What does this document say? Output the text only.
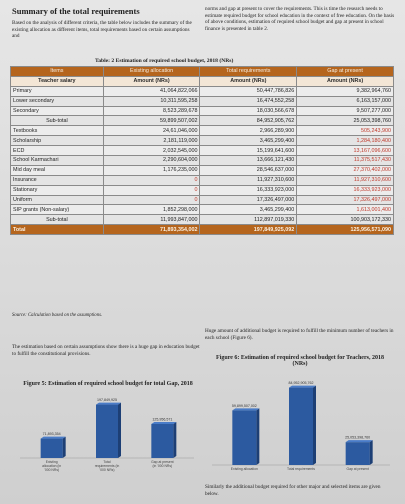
Summary of the total requirements
Based on the analysis of different criteria, the table below includes the summary of the existing allocation as different items, total requirements based on certain assumptions and
norms and gap at present to cover the requirements. This is time the research needs to estimate required budget for school education in the context of free education. On the basis of above conditions, estimation of required school budget and gap at present in school finance is presented in table 2.
Table: 2 Estimation of required school budget, 2018 (NRs)
Items	Existing allocation	Total requirements	Gap at present
Teacher salary	Amount (NRs)	Amount (NRs)	Amount (NRs)
Primary	41,064,822,066	50,447,786,826	9,382,964,760
Lower secondary	10,311,595,258	16,474,552,258	6,163,157,000
Secondary	8,523,289,678	18,030,566,678	9,507,277,000
Sub-total	59,899,507,002	84,952,905,762	25,053,398,760
Textbooks	24,61,046,000	2,966,289,900	505,243,900
Scholarship	2,181,119,000	3,465,299,400	1,284,180,400
ECD	2,032,545,000	15,199,641,600	13,167,096,600
School Karmachari	2,290,604,000	13,666,121,430	11,375,517,430
Mid day meal	1,176,235,000	28,546,637,000	27,370,402,000
Insurance	0	11,927,310,600	11,927,310,600
Stationary	0	16,333,923,000	16,333,923,000
Uniform	0	17,326,497,000	17,326,497,000
SIP grants (Non-salary)	1,852,298,000	3,465,299,400	1,613,001,400
Sub-total	11,993,847,000	112,897,019,330	100,903,172,330
Total	71,893,354,002	197,849,925,092	125,956,571,090
Source: Calculation based on the assumptions.
The estimation based on certain assumptions show there is a huge gap in education budget to fulfill the constitutional provisions.
Huge amount of additional budget is required to fulfill the minimum number of teachers in each school (Figure 6).
Figure 5: Estimation of required school budget for total Gap, 2018
71,893,354
Existing
allocation (in
'000 NRs)
197,849,925
Total
requirements (in
'000 NRs)
125,956,571
Gap at present
(in '000 NRs)
Figure 6: Estimation of required school budget for Teachers, 2018 (NRs)
59,899,507,002
Existing allocation
84,952,905,762
Total requirements
25,053,398,760
Gap at present
Similarly the additional budget required for other major and selected items are given below.
